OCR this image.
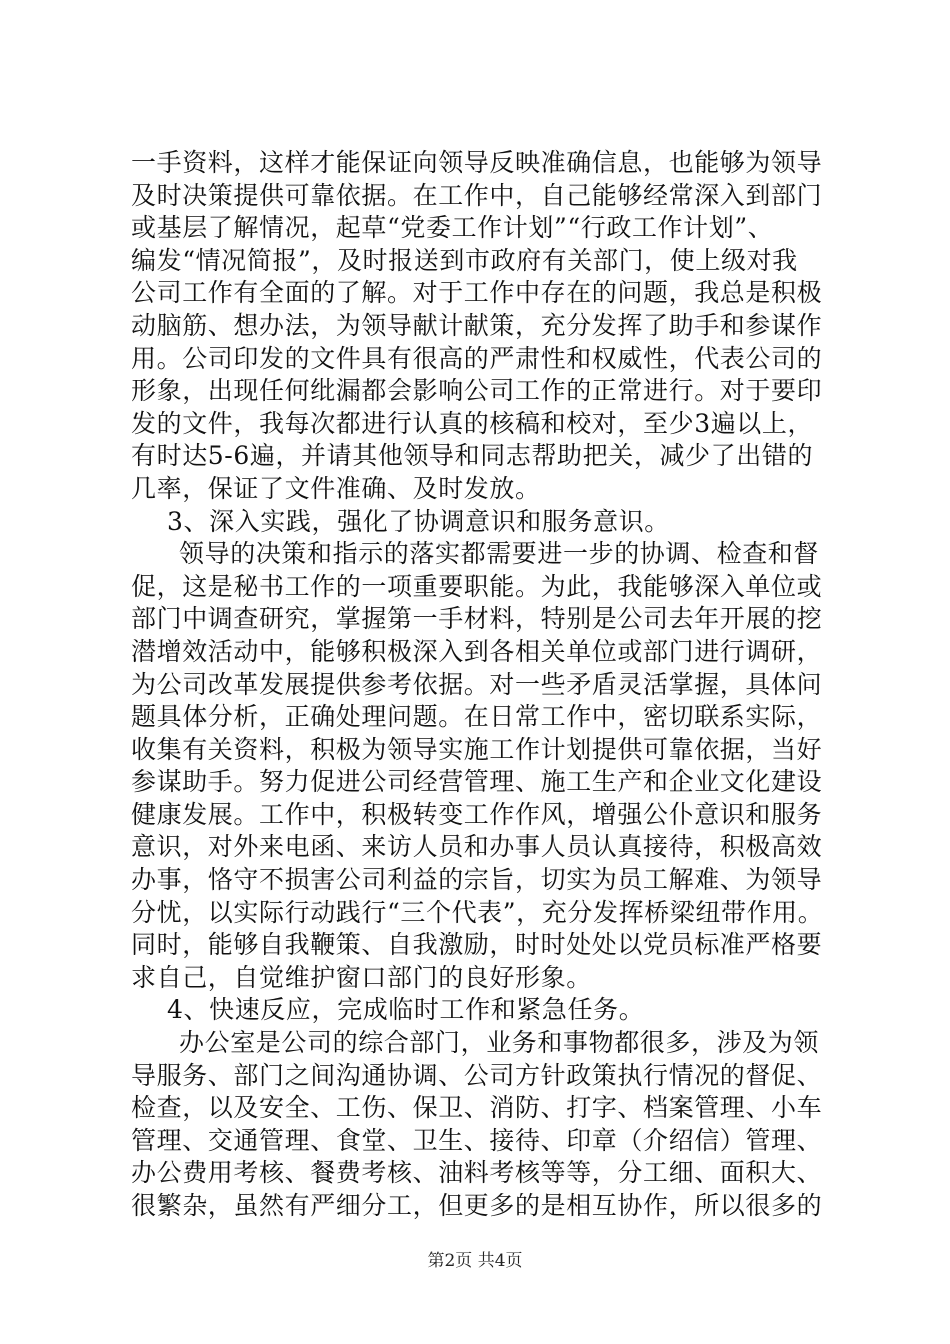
一手资料，这样才能保证向领导反映准确信息，也能够为领导
及时决策提供可靠依据。在工作中，自己能够经常深入到部门
或基层了解情况，起草“党委工作计划”“行政工作计划”、
编发“情况简报”，及时报送到市政府有关部门，使上级对我
公司工作有全面的了解。对于工作中存在的问题，我总是积极
动脑筋、想办法，为领导献计献策，充分发挥了助手和参谋作
用。公司印发的文件具有很高的严肃性和权威性，代表公司的
形象，出现任何纰漏都会影响公司工作的正常进行。对于要印
发的文件，我每次都进行认真的核稿和校对，至少3遍以上，
有时达5-6遍，并请其他领导和同志帮助把关，减少了出错的
几率，保证了文件准确、及时发放。
3、深入实践，强化了协调意识和服务意识。
领导的决策和指示的落实都需要进一步的协调、检查和督
促，这是秘书工作的一项重要职能。为此，我能够深入单位或
部门中调查研究，掌握第一手材料，特别是公司去年开展的挖
潜增效活动中，能够积极深入到各相关单位或部门进行调研，
为公司改革发展提供参考依据。对一些矛盾灵活掌握，具体问
题具体分析，正确处理问题。在日常工作中，密切联系实际，
收集有关资料，积极为领导实施工作计划提供可靠依据，当好
参谋助手。努力促进公司经营管理、施工生产和企业文化建设
健康发展。工作中，积极转变工作作风，增强公仆意识和服务
意识，对外来电函、来访人员和办事人员认真接待，积极高效
办事，恪守不损害公司利益的宗旨，切实为员工解难、为领导
分忧，以实际行动践行“三个代表”，充分发挥桥梁纽带作用。
同时，能够自我鞭策、自我激励，时时处处以党员标准严格要
求自己，自觉维护窗口部门的良好形象。
4、快速反应，完成临时工作和紧急任务。
办公室是公司的综合部门，业务和事物都很多，涉及为领
导服务、部门之间沟通协调、公司方针政策执行情况的督促、
检查，以及安全、工伤、保卫、消防、打字、档案管理、小车
管理、交通管理、食堂、卫生、接待、印章（介绍信）管理、
办公费用考核、餐费考核、油料考核等等，分工细、面积大、
很繁杂，虽然有严细分工，但更多的是相互协作，所以很多的
第2页 共4页
